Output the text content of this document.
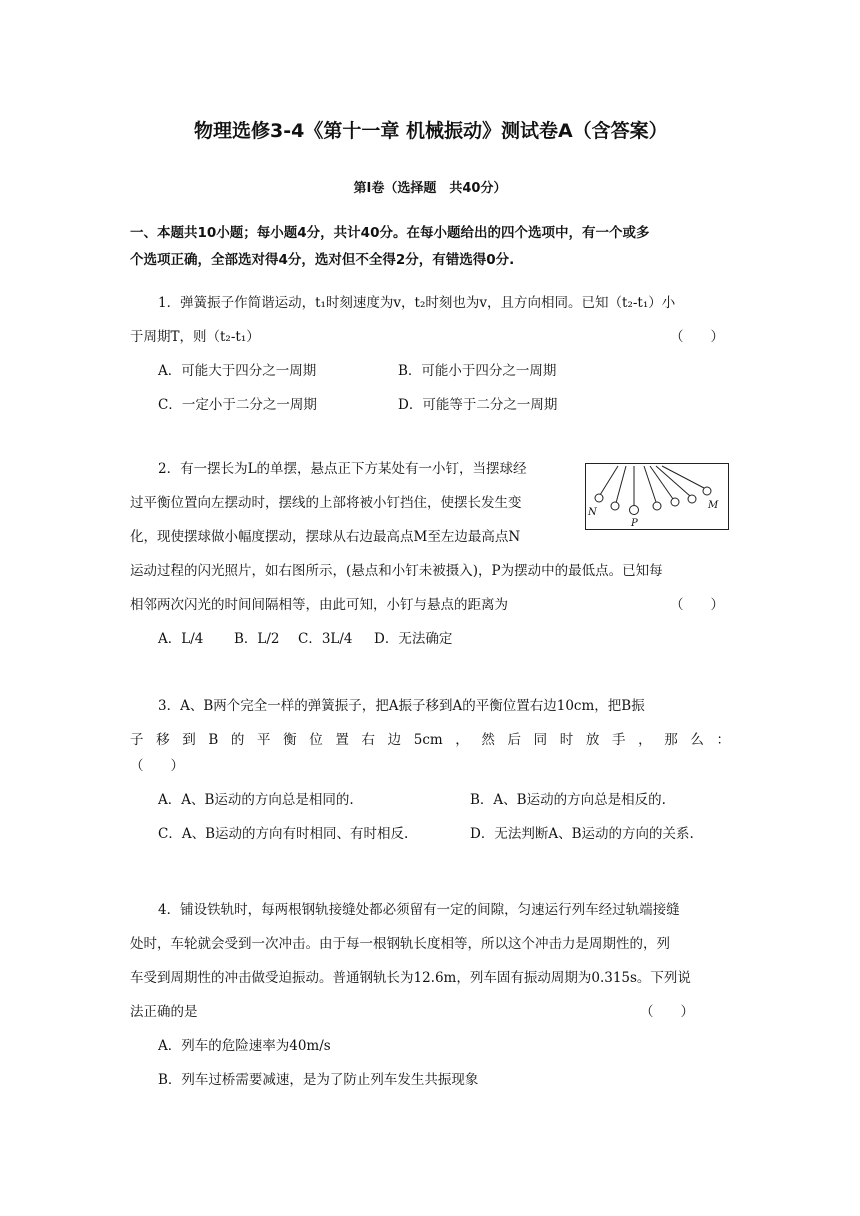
物理选修3-4《第十一章 机械振动》测试卷A（含答案）
第Ⅰ卷（选择题　共40分）
一、本题共10小题；每小题4分，共计40分。在每小题给出的四个选项中，有一个或多
个选项正确，全部选对得4分，选对但不全得2分，有错选得0分.
1．弹簧振子作简谐运动，t₁时刻速度为v，t₂时刻也为v，且方向相同。已知（t₂-t₁）小
于周期T，则（t₂-t₁）	（　　）
A．可能大于四分之一周期	B．可能小于四分之一周期
C．一定小于二分之一周期	D．可能等于二分之一周期
2．有一摆长为L的单摆，悬点正下方某处有一小钉，当摆球经
过平衡位置向左摆动时，摆线的上部将被小钉挡住，使摆长发生变
化，现使摆球做小幅度摆动，摆球从右边最高点M至左边最高点N
运动过程的闪光照片，如右图所示，(悬点和小钉未被摄入)，P为摆动中的最低点。已知每
相邻两次闪光的时间间隔相等，由此可知，小钉与悬点的距离为	（　　）
A．L/4 B．L/2 C．3L/4 D．无法确定
N
P
M
3．A、B两个完全一样的弹簧振子，把A振子移到A的平衡位置右边10cm，把B振
子移到B的平衡位置右边5cm，然后同时放手，那么：
（　　）
A．A、B运动的方向总是相同的.	B．A、B运动的方向总是相反的.
C．A、B运动的方向有时相同、有时相反.	D．无法判断A、B运动的方向的关系.
4．铺设铁轨时，每两根钢轨接缝处都必须留有一定的间隙，匀速运行列车经过轨端接缝
处时，车轮就会受到一次冲击。由于每一根钢轨长度相等，所以这个冲击力是周期性的，列
车受到周期性的冲击做受迫振动。普通钢轨长为12.6m，列车固有振动周期为0.315s。下列说
法正确的是	（　　）
A．列车的危险速率为40m/s
B．列车过桥需要减速，是为了防止列车发生共振现象
